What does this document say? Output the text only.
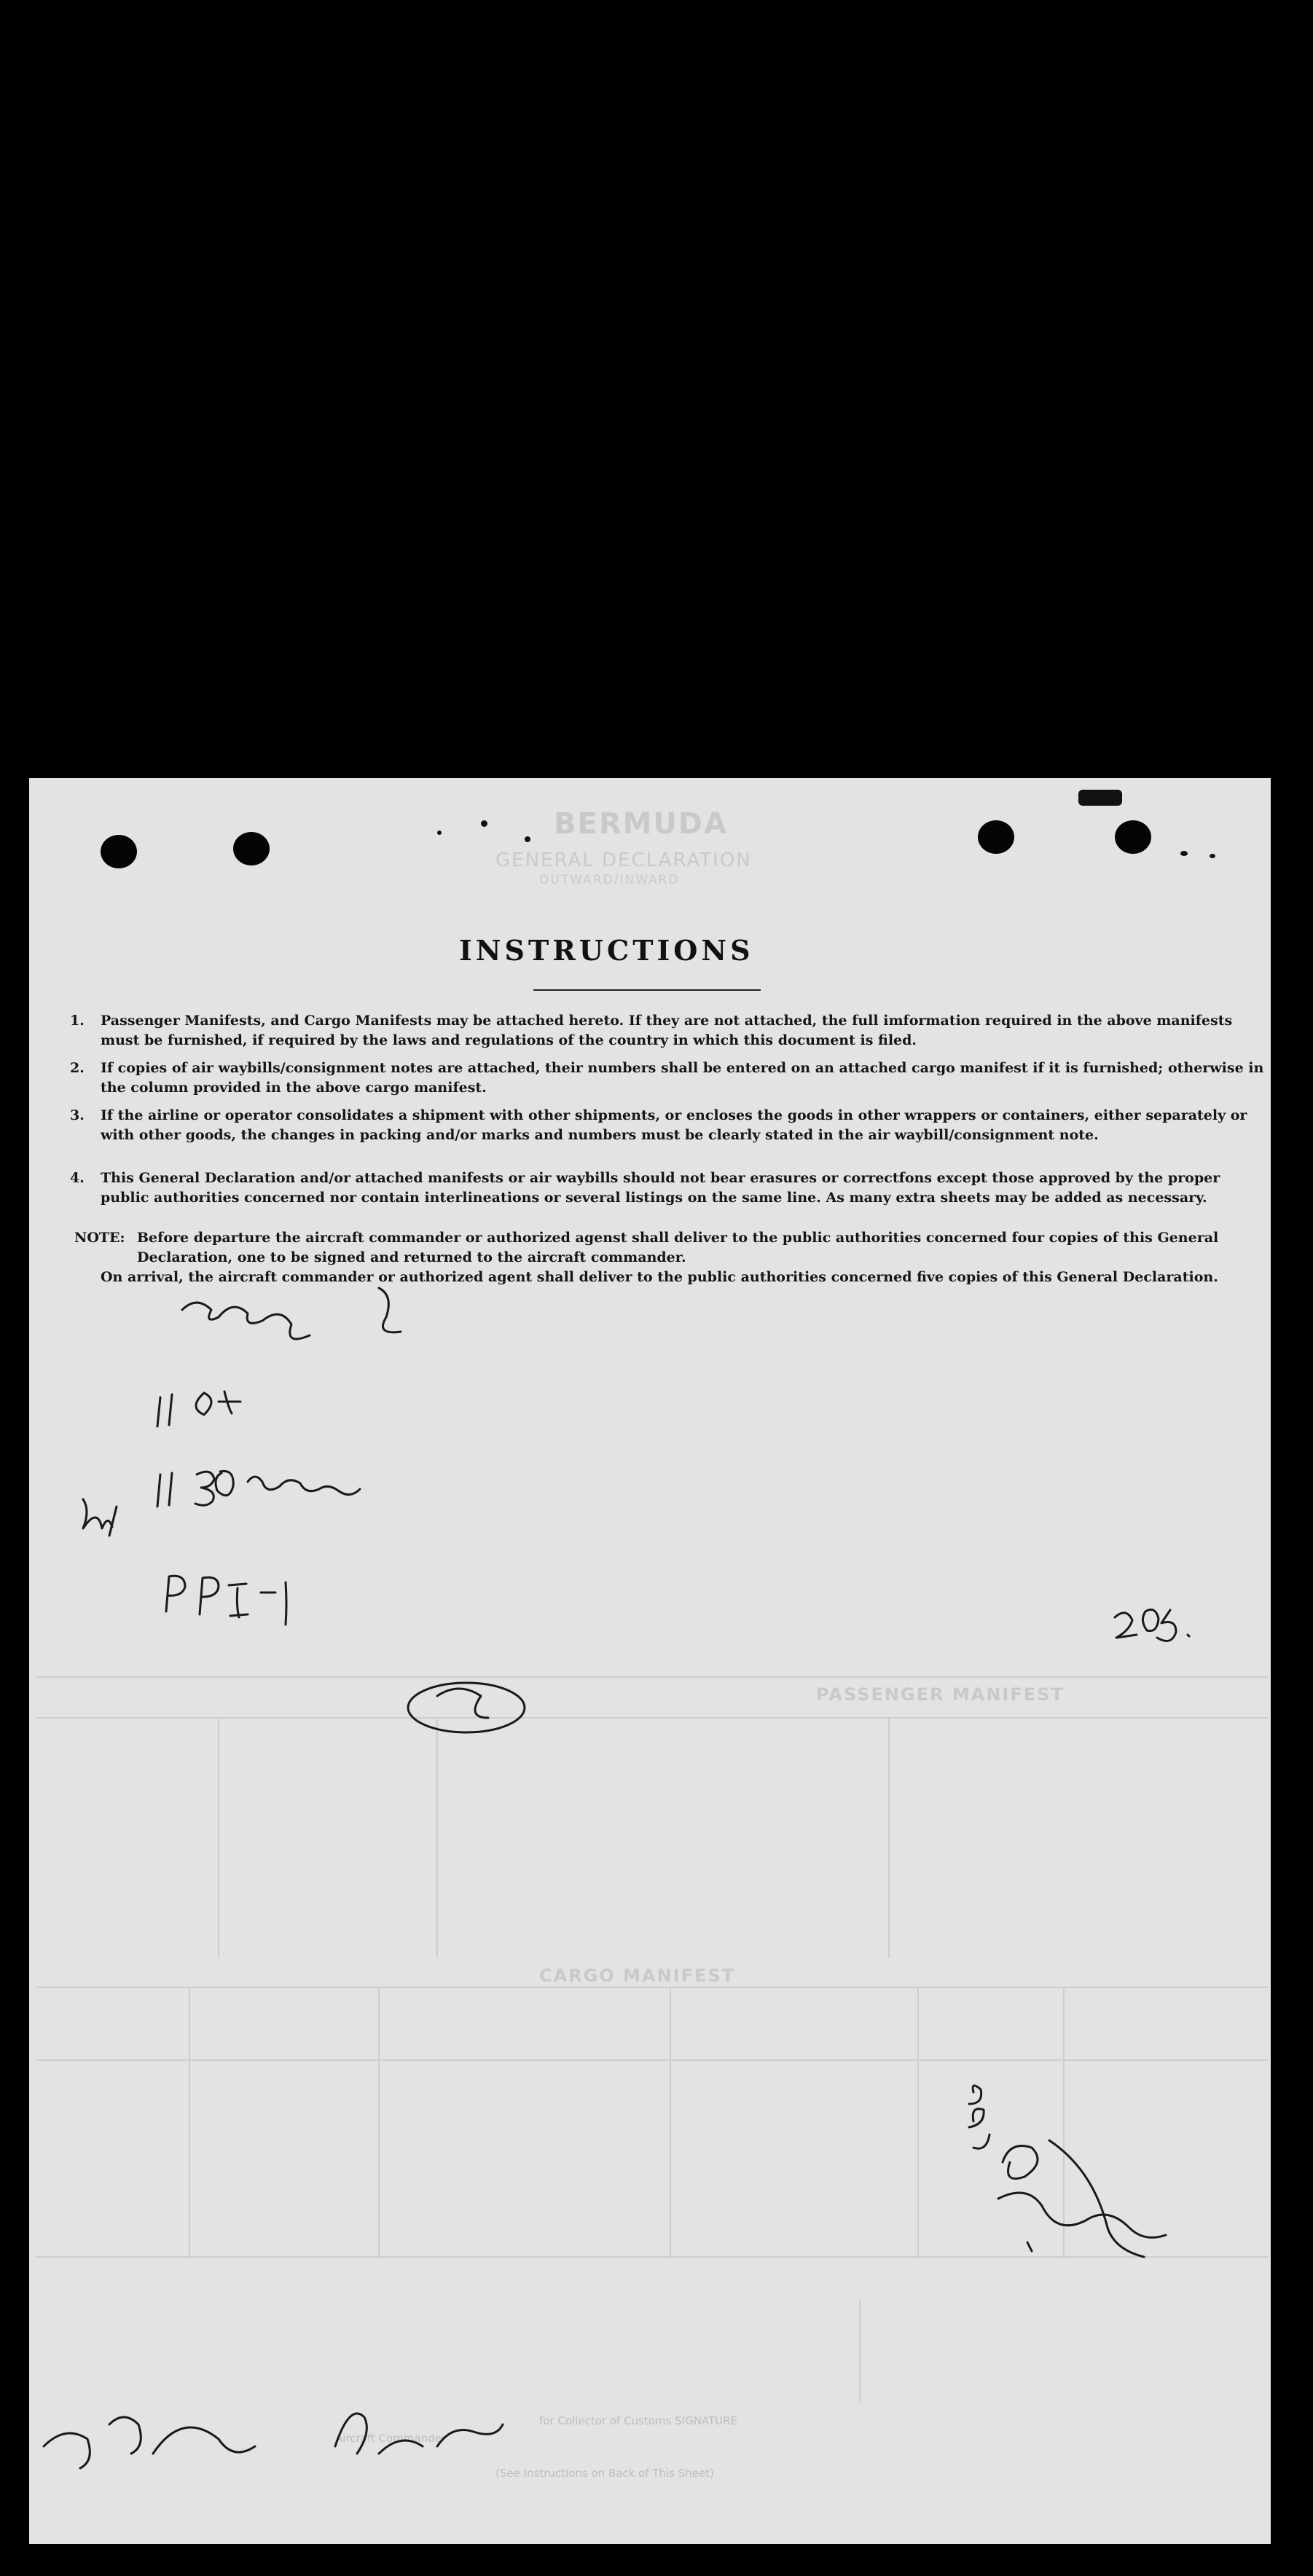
BERMUDA
GENERAL DECLARATION
OUTWARD/INWARD
PASSENGER MANIFEST
CARGO MANIFEST
Aircraft Commander
for Collector of Customs SIGNATURE
(See Instructions on Back of This Sheet)
INSTRUCTIONS
1. Passenger Manifests, and Cargo Manifests may be attached hereto. If they are not attached, the full imformation required in the above manifests must be furnished, if required by the laws and regulations of the country in which this document is filed.
2. If copies of air waybills/consignment notes are attached, their numbers shall be entered on an attached cargo manifest if it is furnished; otherwise in the column provided in the above cargo manifest.
3. If the airline or operator consolidates a shipment with other shipments, or encloses the goods in other wrappers or containers, either separately or with other goods, the changes in packing and/or marks and numbers must be clearly stated in the air waybill/consignment note.
4. This General Declaration and/or attached manifests or air waybills should not bear erasures or correctfons except those approved by the proper public authorities concerned nor contain interlineations or several listings on the same line. As many extra sheets may be added as necessary.
NOTE: Before departure the aircraft commander or authorized agenst shall deliver to the public authorities concerned four copies of this General Declaration, one to be signed and returned to the aircraft commander.
On arrival, the aircraft commander or authorized agent shall deliver to the public authorities concerned five copies of this General Declaration.
